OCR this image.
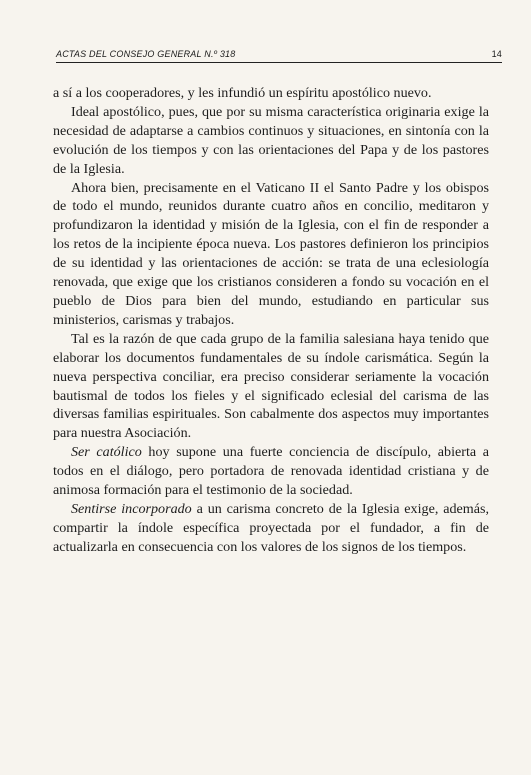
ACTAS DEL CONSEJO GENERAL N.º 318	14

a sí a los cooperadores, y les infundió un espíritu apostólico nuevo.

Ideal apostólico, pues, que por su misma característica originaria exige la necesidad de adaptarse a cambios continuos y situaciones, en sintonía con la evolución de los tiempos y con las orientaciones del Papa y de los pastores de la Iglesia.

Ahora bien, precisamente en el Vaticano II el Santo Padre y los obispos de todo el mundo, reunidos durante cuatro años en concilio, meditaron y profundizaron la identidad y misión de la Iglesia, con el fin de responder a los retos de la incipiente época nueva. Los pastores definieron los principios de su identidad y las orientaciones de acción: se trata de una eclesiología renovada, que exige que los cristianos consideren a fondo su vocación en el pueblo de Dios para bien del mundo, estudiando en particular sus ministerios, carismas y trabajos.

Tal es la razón de que cada grupo de la familia salesiana haya tenido que elaborar los documentos fundamentales de su índole carismática. Según la nueva perspectiva conciliar, era preciso considerar seriamente la vocación bautismal de todos los fieles y el significado eclesial del carisma de las diversas familias espirituales. Son cabalmente dos aspectos muy importantes para nuestra Asociación.

Ser católico hoy supone una fuerte conciencia de discípulo, abierta a todos en el diálogo, pero portadora de renovada identidad cristiana y de animosa formación para el testimonio de la sociedad.

Sentirse incorporado a un carisma concreto de la Iglesia exige, además, compartir la índole específica proyectada por el fundador, a fin de actualizarla en consecuencia con los valores de los signos de los tiempos.
